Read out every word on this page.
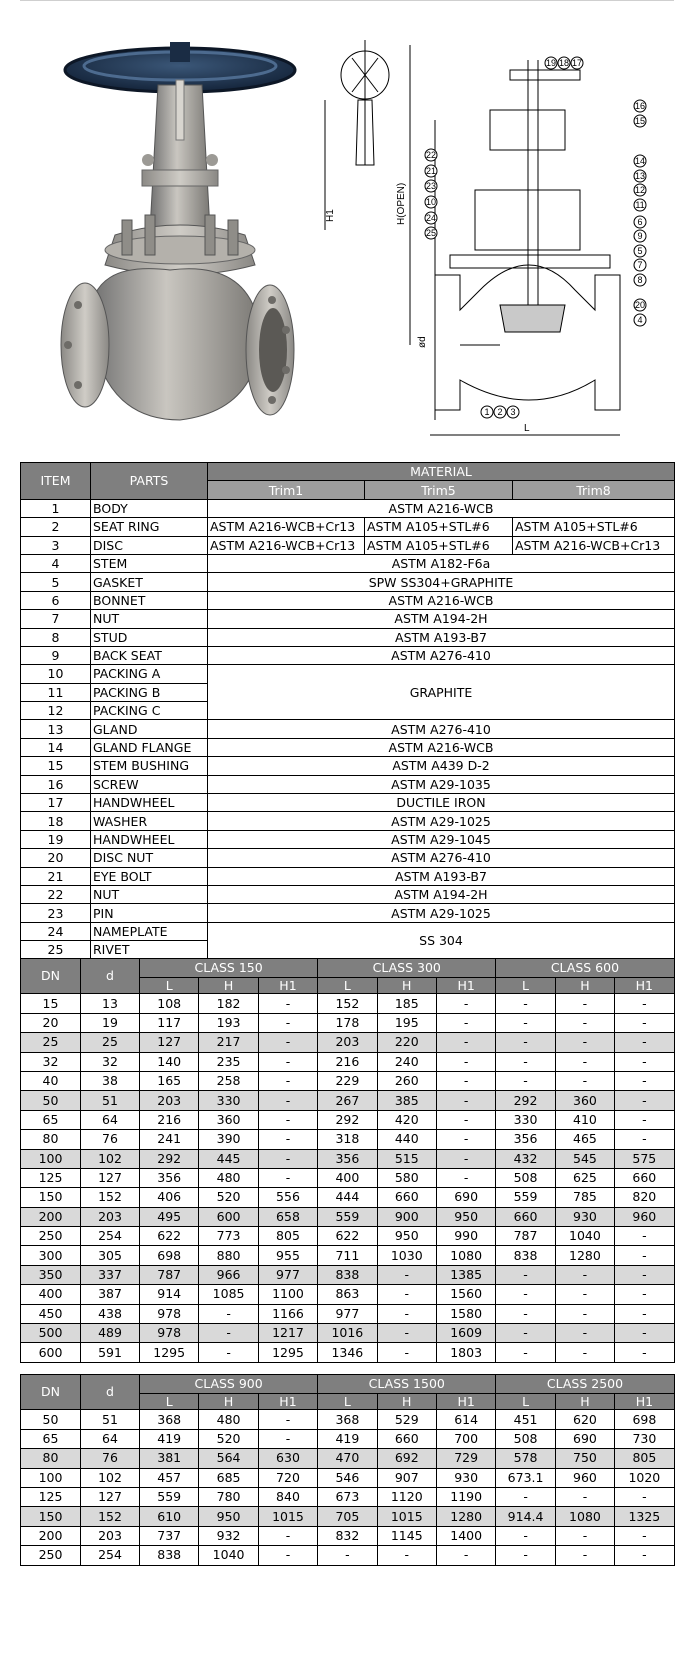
H(OPEN)
H1
ød
L
19 18 17
16
15
14
13
12
11
6
9
5
7
8
20
4
22
21
23
10
24
25
1 2 3
ITEM	PARTS	MATERIAL		
		Trim1	Trim5	Trim8
1	BODY	ASTM A216-WCB		
2	SEAT RING	ASTM A216-WCB+Cr13	ASTM A105+STL#6	ASTM A105+STL#6
3	DISC	ASTM A216-WCB+Cr13	ASTM A105+STL#6	ASTM A216-WCB+Cr13
4	STEM	ASTM A182-F6a		
5	GASKET	SPW SS304+GRAPHITE		
6	BONNET	ASTM A216-WCB		
7	NUT	ASTM A194-2H		
8	STUD	ASTM A193-B7		
9	BACK SEAT	ASTM A276-410		
10	PACKING A	GRAPHITE		
11	PACKING B			
12	PACKING C			
13	GLAND	ASTM A276-410		
14	GLAND FLANGE	ASTM A216-WCB		
15	STEM BUSHING	ASTM A439 D-2		
16	SCREW	ASTM A29-1035		
17	HANDWHEEL	DUCTILE IRON		
18	WASHER	ASTM A29-1025		
19	HANDWHEEL	ASTM A29-1045		
20	DISC NUT	ASTM A276-410		
21	EYE BOLT	ASTM A193-B7		
22	NUT	ASTM A194-2H		
23	PIN	ASTM A29-1025		
24	NAMEPLATE	SS 304		
25	RIVET			
DN	d	CLASS 150			CLASS 300			CLASS 600		
		L	H	H1	L	H	H1	L	H	H1
15	13	108	182	-	152	185	-	-	-	-
20	19	117	193	-	178	195	-	-	-	-
25	25	127	217	-	203	220	-	-	-	-
32	32	140	235	-	216	240	-	-	-	-
40	38	165	258	-	229	260	-	-	-	-
50	51	203	330	-	267	385	-	292	360	-
65	64	216	360	-	292	420	-	330	410	-
80	76	241	390	-	318	440	-	356	465	-
100	102	292	445	-	356	515	-	432	545	575
125	127	356	480	-	400	580	-	508	625	660
150	152	406	520	556	444	660	690	559	785	820
200	203	495	600	658	559	900	950	660	930	960
250	254	622	773	805	622	950	990	787	1040	-
300	305	698	880	955	711	1030	1080	838	1280	-
350	337	787	966	977	838	-	1385	-	-	-
400	387	914	1085	1100	863	-	1560	-	-	-
450	438	978	-	1166	977	-	1580	-	-	-
500	489	978	-	1217	1016	-	1609	-	-	-
600	591	1295	-	1295	1346	-	1803	-	-	-
DN	d	CLASS 900			CLASS 1500			CLASS 2500		
		L	H	H1	L	H	H1	L	H	H1
50	51	368	480	-	368	529	614	451	620	698
65	64	419	520	-	419	660	700	508	690	730
80	76	381	564	630	470	692	729	578	750	805
100	102	457	685	720	546	907	930	673.1	960	1020
125	127	559	780	840	673	1120	1190	-	-	-
150	152	610	950	1015	705	1015	1280	914.4	1080	1325
200	203	737	932	-	832	1145	1400	-	-	-
250	254	838	1040	-	-	-	-	-	-	-
